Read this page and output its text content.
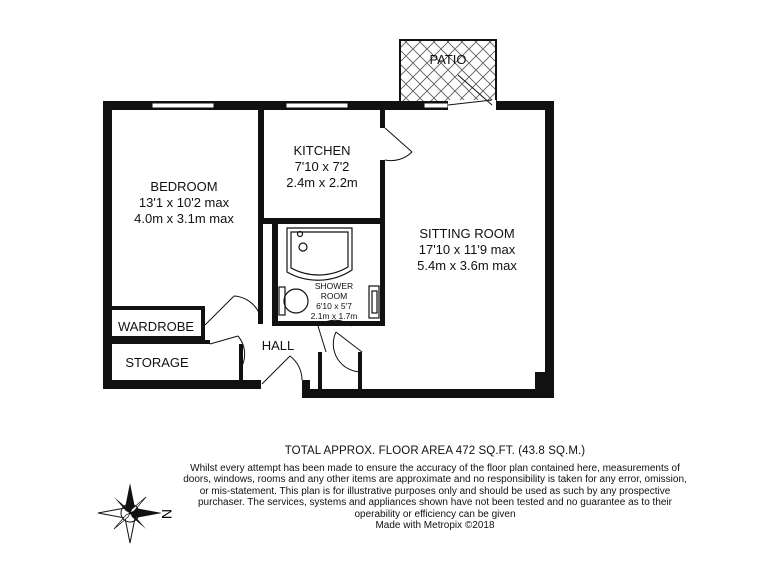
PATIO
KITCHEN
7'10 x 7'2
2.4m x 2.2m
BEDROOM
13'1 x 10'2 max
4.0m x 3.1m max
SITTING ROOM
17'10 x 11'9 max
5.4m x 3.6m max
SHOWER
ROOM
6'10 x 5'7
2.1m x 1.7m
WARDROBE
STORAGE
HALL
N
TOTAL APPROX. FLOOR AREA 472 SQ.FT. (43.8 SQ.M.)
Whilst every attempt has been made to ensure the accuracy of the floor plan contained here, measurements of doors, windows, rooms and any other items are approximate and no responsibility is taken for any error, omission, or mis-statement. This plan is for illustrative purposes only and should be used as such by any prospective purchaser. The services, systems and appliances shown have not been tested and no guarantee as to their operability or efficiency can be given
Made with Metropix ©2018
